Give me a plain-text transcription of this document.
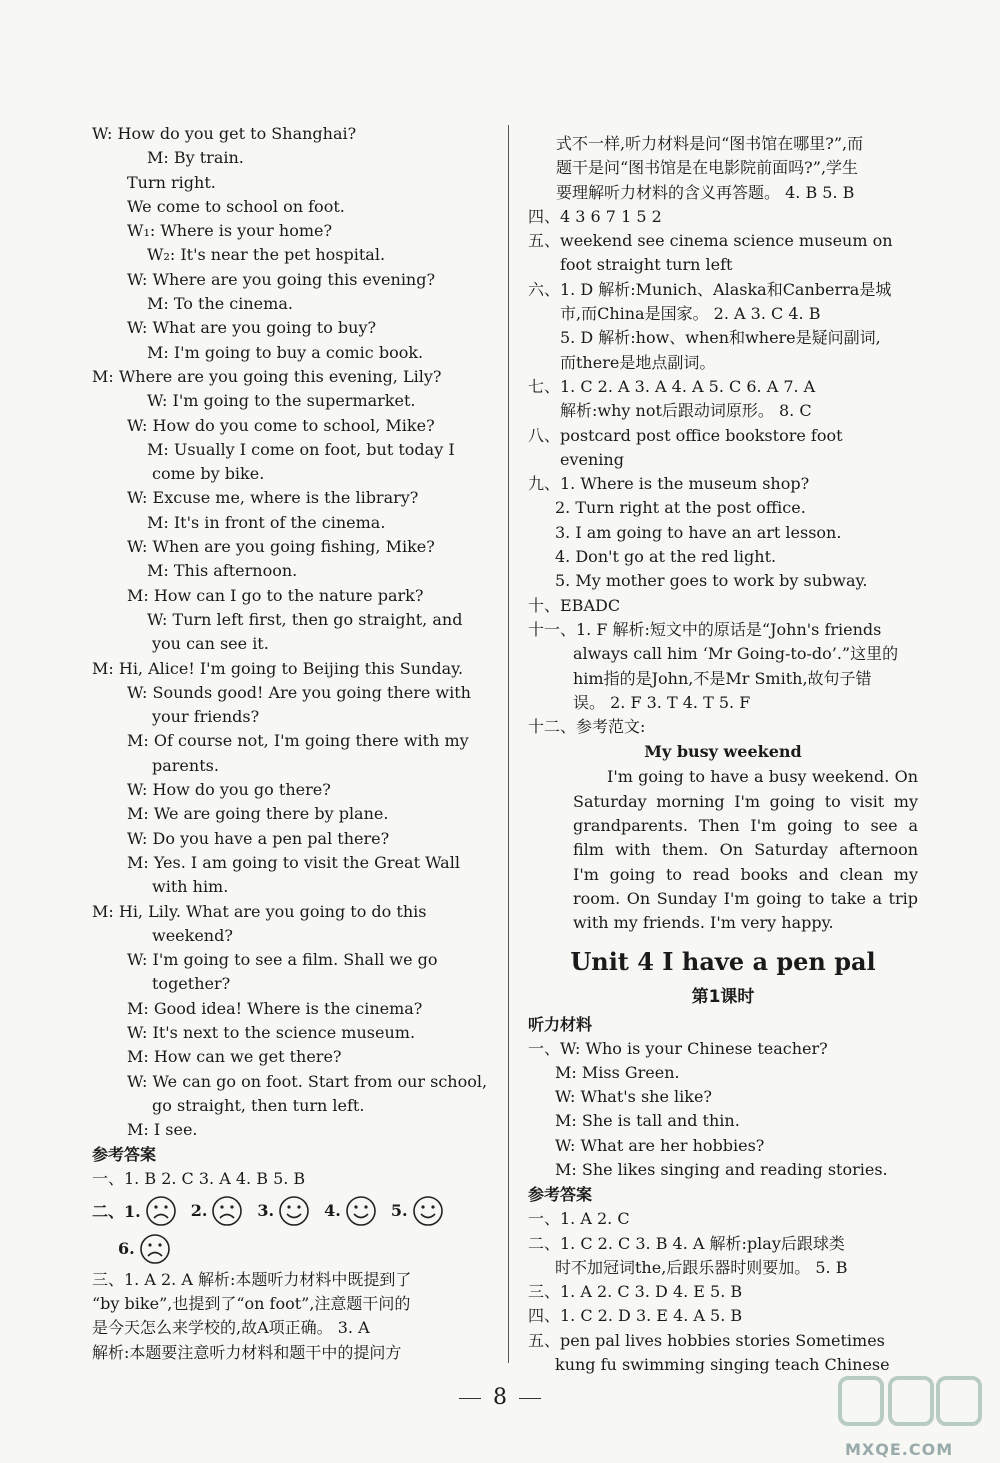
W: How do you get to Shanghai?
M: By train.
Turn right.
We come to school on foot.
W₁: Where is your home?
W₂: It's near the pet hospital.
W: Where are you going this evening?
M: To the cinema.
W: What are you going to buy?
M: I'm going to buy a comic book.
M: Where are you going this evening, Lily?
W: I'm going to the supermarket.
W: How do you come to school, Mike?
M: Usually I come on foot, but today I
come by bike.
W: Excuse me, where is the library?
M: It's in front of the cinema.
W: When are you going fishing, Mike?
M: This afternoon.
M: How can I go to the nature park?
W: Turn left first, then go straight, and
you can see it.
M: Hi, Alice! I'm going to Beijing this Sunday.
W: Sounds good! Are you going there with
your friends?
M: Of course not, I'm going there with my
parents.
W: How do you go there?
M: We are going there by plane.
W: Do you have a pen pal there?
M: Yes. I am going to visit the Great Wall
with him.
M: Hi, Lily. What are you going to do this
weekend?
W: I'm going to see a film. Shall we go
together?
M: Good idea! Where is the cinema?
W: It's next to the science museum.
M: How can we get there?
W: We can go on foot. Start from our school,
go straight, then turn left.
M: I see.
参考答案
一、1. B 2. C 3. A 4. B 5. B
二、1.	2.	3.	4.	5.
6.
三、1. A 2. A 解析:本题听力材料中既提到了
“by bike”,也提到了“on foot”,注意题干问的
是今天怎么来学校的,故A项正确。 3. A
解析:本题要注意听力材料和题干中的提问方
式不一样,听力材料是问“图书馆在哪里?”,而
题干是问“图书馆是在电影院前面吗?”,学生
要理解听力材料的含义再答题。 4. B 5. B
四、4 3 6 7 1 5 2
五、weekend see cinema science museum on
foot straight turn left
六、1. D 解析:Munich、Alaska和Canberra是城
市,而China是国家。 2. A 3. C 4. B
5. D 解析:how、when和where是疑问副词,
而there是地点副词。
七、1. C 2. A 3. A 4. A 5. C 6. A 7. A
解析:why not后跟动词原形。 8. C
八、postcard post office bookstore foot
evening
九、1. Where is the museum shop?
2. Turn right at the post office.
3. I am going to have an art lesson.
4. Don't go at the red light.
5. My mother goes to work by subway.
十、EBADC
十一、1. F 解析:短文中的原话是“John's friends
always call him ‘Mr Going-to-do’.”这里的
him指的是John,不是Mr Smith,故句子错
误。 2. F 3. T 4. T 5. F
十二、参考范文:
My busy weekend
I'm going to have a busy weekend. On Saturday morning I'm going to visit my grandparents. Then I'm going to see a film with them. On Saturday afternoon I'm going to read books and clean my room. On Sunday I'm going to take a trip with my friends. I'm very happy.
Unit 4 I have a pen pal
第1课时
听力材料
一、W: Who is your Chinese teacher?
M: Miss Green.
W: What's she like?
M: She is tall and thin.
W: What are her hobbies?
M: She likes singing and reading stories.
参考答案
一、1. A 2. C
二、1. C 2. C 3. B 4. A 解析:play后跟球类
时不加冠词the,后跟乐器时则要加。 5. B
三、1. A 2. C 3. D 4. E 5. B
四、1. C 2. D 3. E 4. A 5. B
五、pen pal lives hobbies stories Sometimes
kung fu swimming singing teach Chinese
8
MXQE.COM
